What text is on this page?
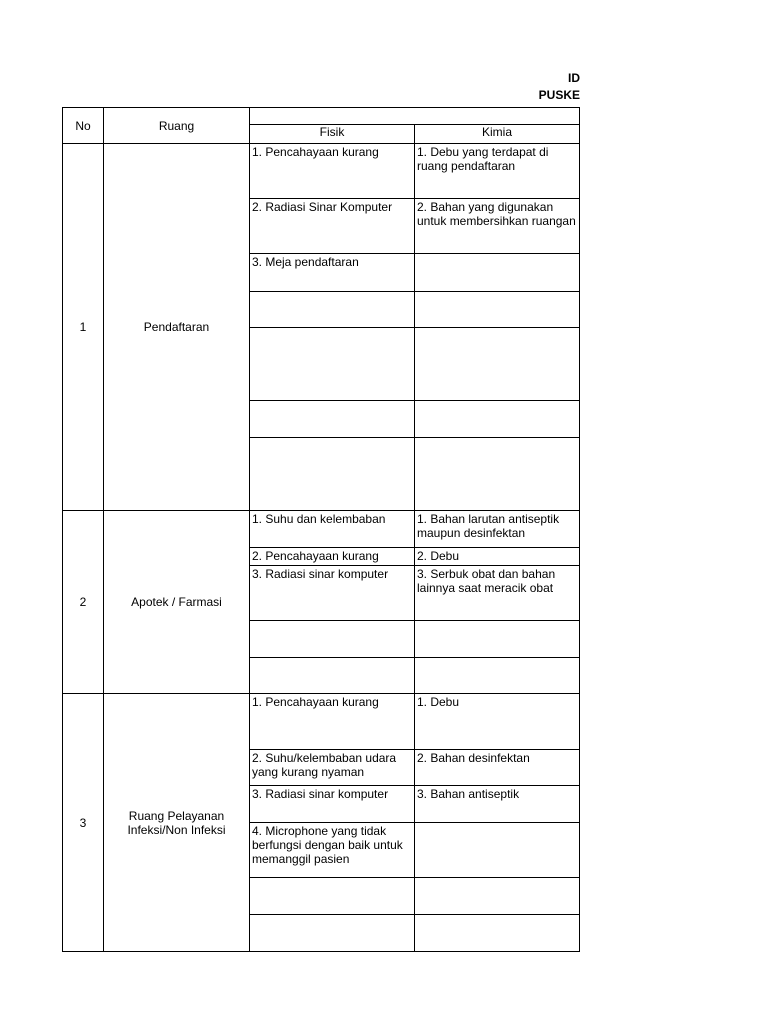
ID
PUSKE
No	Ruang		
		Fisik	Kimia
1	Pendaftaran	1. Pencahayaan kurang	1. Debu yang terdapat di ruang pendaftaran
		2. Radiasi Sinar Komputer	2. Bahan yang digunakan untuk membersihkan ruangan
		3. Meja pendaftaran	

2	Apotek / Farmasi	1. Suhu dan kelembaban	1. Bahan larutan antiseptik maupun desinfektan
		2. Pencahayaan kurang	2. Debu
		3. Radiasi sinar komputer	3. Serbuk obat dan bahan lainnya saat meracik obat

3	Ruang Pelayanan Infeksi/Non Infeksi	1. Pencahayaan kurang	1. Debu
		2. Suhu/kelembaban udara yang kurang nyaman	2. Bahan desinfektan
		3. Radiasi sinar komputer	3. Bahan antiseptik
		4. Microphone yang tidak berfungsi dengan baik untuk memanggil pasien	
